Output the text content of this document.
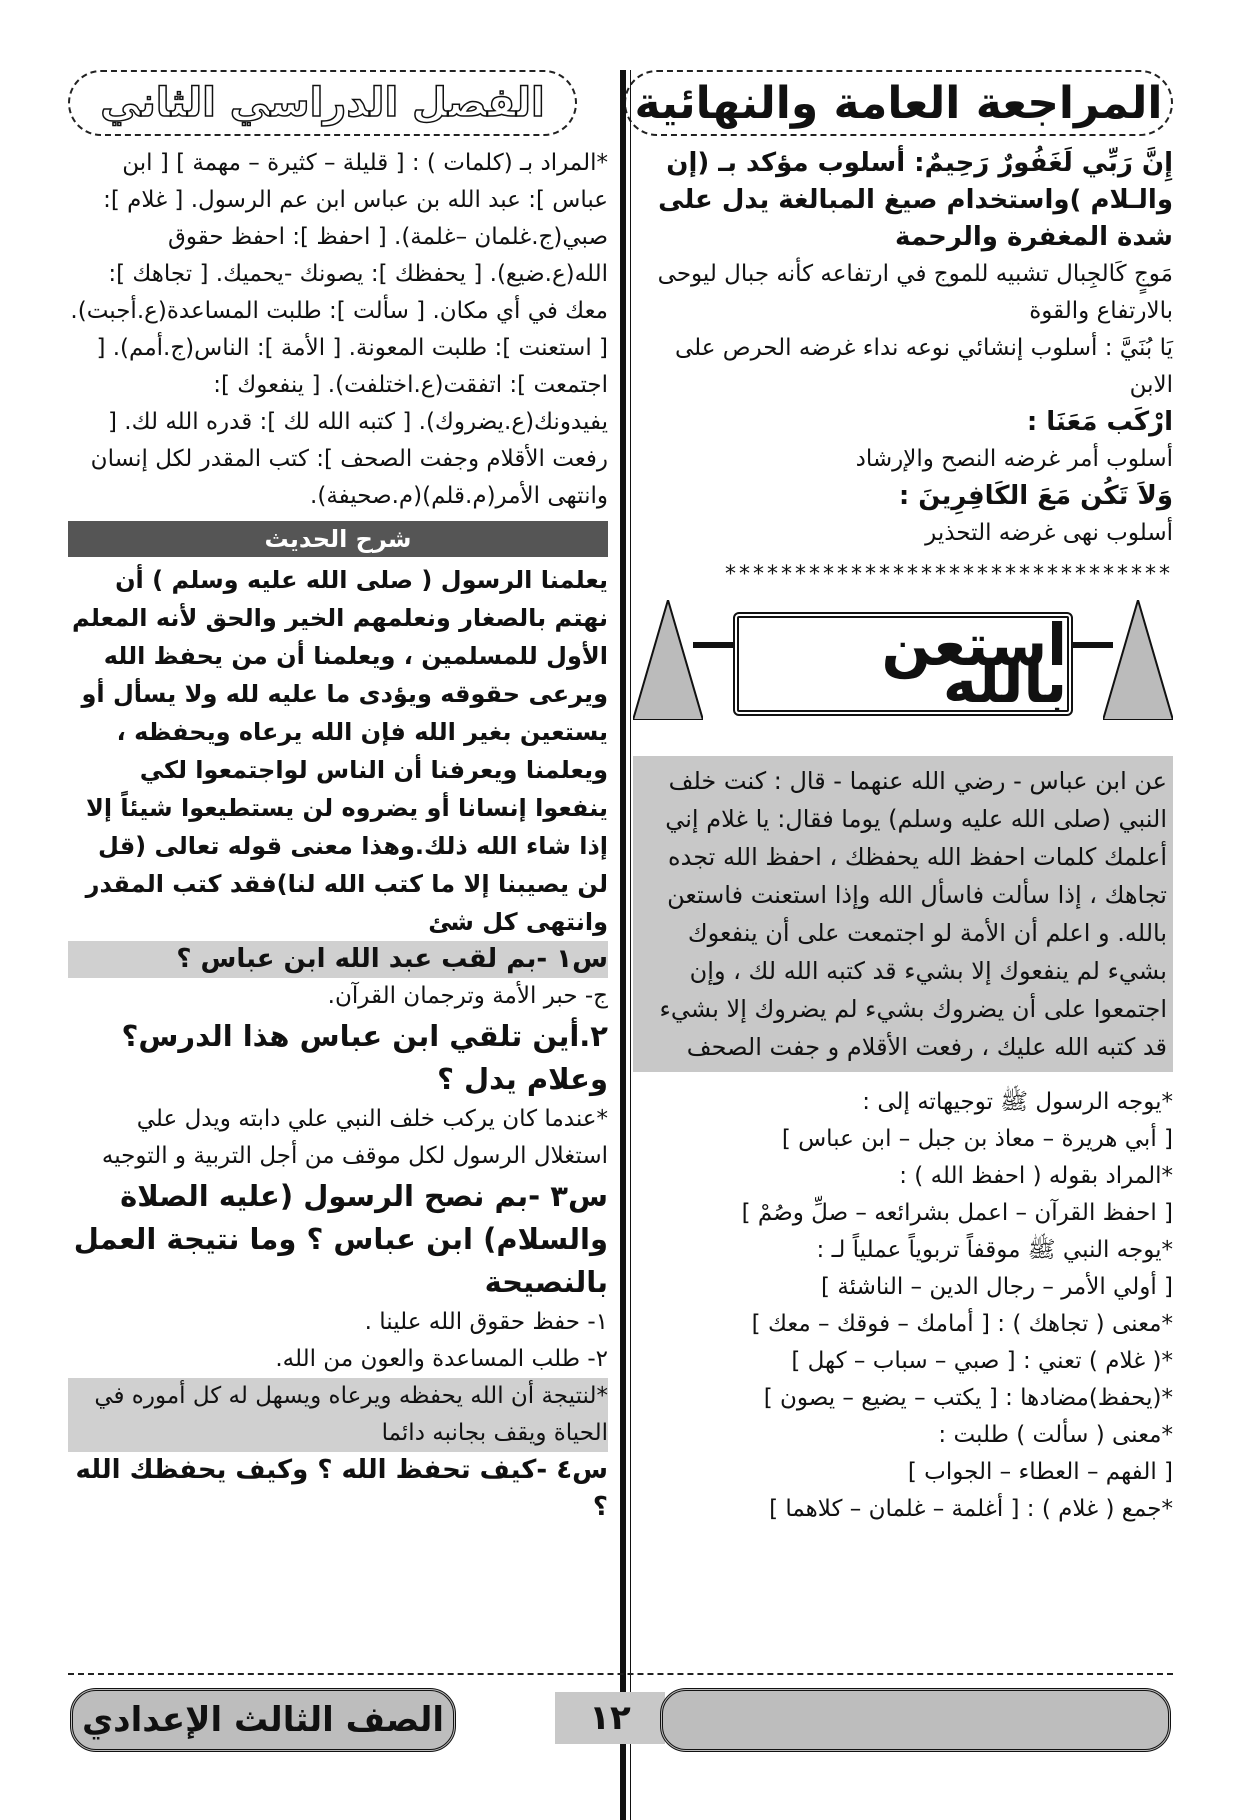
المراجعة العامة والنهائية
الفصل الدراسي الثاني

إِنَّ رَبِّي لَغَفُورٌ رَحِيمٌ: أسلوب مؤكد بـ (إن والـلام )واستخدام صيغ المبالغة يدل على شدة المغفرة والرحمة

مَوجٍ كَالجِبال تشبيه للموج في ارتفاعه كأنه جبال ليوحى بالارتفاع والقوة

يَا بُنَيَّ : أسلوب إنشائي نوعه نداء غرضه الحرص على الابن

ارْكَب مَعَنَا :

أسلوب أمر غرضه النصح والإرشاد

وَلاَ تَكُن مَعَ الكَافِرِينَ :

أسلوب نهى غرضه التحذير

********************************
استعن بالله
عن ابن عباس - رضي الله عنهما - قال : كنت خلف النبي (صلى الله عليه وسلم) يوما فقال: يا غلام إني أعلمك كلمات احفظ الله يحفظك ، احفظ الله تجده تجاهك ، إذا سألت فاسأل الله وإذا استعنت فاستعن بالله. و اعلم أن الأمة لو اجتمعت على أن ينفعوك بشيء لم ينفعوك إلا بشيء قد كتبه الله لك ، وإن اجتمعوا على أن يضروك بشيء لم يضروك إلا بشيء قد كتبه الله عليك ، رفعت الأقلام و جفت الصحف

*يوجه الرسول ﷺ توجيهاته إلى :

[ أبي هريرة – معاذ بن جبل – ابن عباس ]

*المراد بقوله ( احفظ الله ) :

[ احفظ القرآن – اعمل بشرائعه – صلِّ وصُمْ ]

*يوجه النبي ﷺ موقفاً تربوياً عملياً لـ :

[ أولي الأمر – رجال الدين – الناشئة ]

*معنى ( تجاهك ) : [ أمامك – فوقك – معك ]

*( غلام ) تعني : [ صبي – سباب – كهل ]

*(يحفظ)مضادها : [ يكتب – يضيع – يصون ]

*معنى ( سألت ) طلبت :

[ الفهم – العطاء – الجواب ]

*جمع ( غلام ) : [ أغلمة – غلمان – كلاهما ]

*المراد بـ (كلمات ) : [ قليلة – كثيرة – مهمة ] [ ابن عباس ]: عبد الله بن عباس ابن عم الرسول. [ غلام ]: صبي(ج.غلمان –غلمة). [ احفظ ]: احفظ حقوق الله(ع.ضيع). [ يحفظك ]: يصونك -يحميك. [ تجاهك ]: معك في أي مكان. [ سألت ]: طلبت المساعدة(ع.أجبت). [ استعنت ]: طلبت المعونة. [ الأمة ]: الناس(ج.أمم). [ اجتمعت ]: اتفقت(ع.اختلفت). [ ينفعوك ]: يفيدونك(ع.يضروك). [ كتبه الله لك ]: قدره الله لك. [ رفعت الأقلام وجفت الصحف ]: كتب المقدر لكل إنسان وانتهى الأمر(م.قلم)(م.صحيفة).

شرح الحديث

يعلمنا الرسول ( صلى الله عليه وسلم ) أن نهتم بالصغار ونعلمهم الخير والحق لأنه المعلم الأول للمسلمين ، ويعلمنا أن من يحفظ الله ويرعى حقوقه ويؤدى ما عليه لله ولا يسأل أو يستعين بغير الله فإن الله يرعاه ويحفظه ، ويعلمنا ويعرفنا أن الناس لواجتمعوا لكي ينفعوا إنسانا أو يضروه لن يستطيعوا شيئاً إلا إذا شاء الله ذلك.وهذا معنى قوله تعالى (قل لن يصيبنا إلا ما كتب الله لنا)فقد كتب المقدر وانتهى كل شئ

س١ -بم لقب عبد الله ابن عباس ؟

ج- حبر الأمة وترجمان القرآن.

٢.أين تلقي ابن عباس هذا الدرس؟وعلام يدل ؟

*عندما كان يركب خلف النبي علي دابته ويدل علي استغلال الرسول لكل موقف من أجل التربية و التوجيه

س٣ -بم نصح الرسول (عليه الصلاة والسلام) ابن عباس ؟ وما نتيجة العمل بالنصيحة

١- حفظ حقوق الله علينا .

٢- طلب المساعدة والعون من الله.

*لنتيجة أن الله يحفظه ويرعاه ويسهل له كل أموره في الحياة ويقف بجانبه دائما

س٤ -كيف تحفظ الله ؟ وكيف يحفظك الله ؟

الصف الثالث الإعدادي	١٢
